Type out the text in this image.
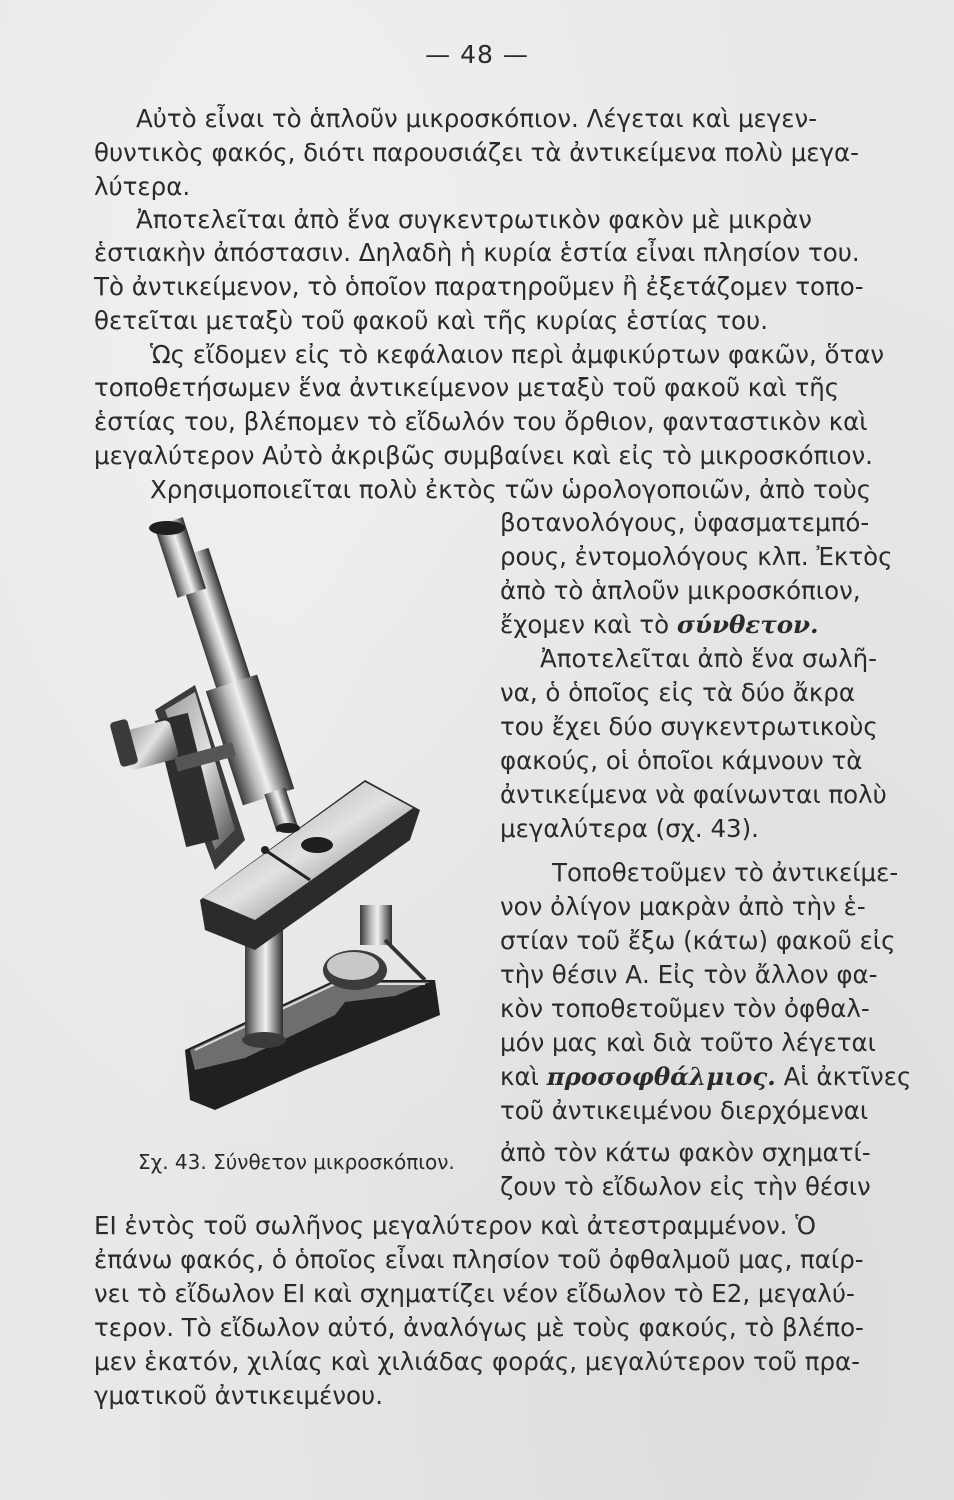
— 48 —
Αὐτὸ εἶναι τὸ ἁπλοῦν μικροσκόπιον. Λέγεται καὶ μεγεν-
θυντικὸς φακός, διότι παρουσιάζει τὰ ἀντικείμενα πολὺ μεγα-
λύτερα.
Ἀποτελεῖται ἀπὸ ἕνα συγκεντρωτικὸν φακὸν μὲ μικρὰν
ἑστιακὴν ἀπόστασιν. Δηλαδὴ ἡ κυρία ἑστία εἶναι πλησίον του.
Τὸ ἀντικείμενον, τὸ ὁποῖον παρατηροῦμεν ἢ ἐξετάζομεν τοπο-
θετεῖται μεταξὺ τοῦ φακοῦ καὶ τῆς κυρίας ἑστίας του.
Ὡς εἴδομεν εἰς τὸ κεφάλαιον περὶ ἀμφικύρτων φακῶν, ὅταν
τοποθετήσωμεν ἕνα ἀντικείμενον μεταξὺ τοῦ φακοῦ καὶ τῆς
ἑστίας του, βλέπομεν τὸ εἴδωλόν του ὄρθιον, φανταστικὸν καὶ
μεγαλύτερον Αὐτὸ ἀκριβῶς συμβαίνει καὶ εἰς τὸ μικροσκόπιον.
Χρησιμοποιεῖται πολὺ ἐκτὸς τῶν ὡρολογοποιῶν, ἀπὸ τοὺς
βοτανολόγους, ὑφασματεμπό-
ρους, ἐντομολόγους κλπ. Ἐκτὸς
ἀπὸ τὸ ἁπλοῦν μικροσκόπιον,
ἔχομεν καὶ τὸ σύνθετον.
Ἀποτελεῖται ἀπὸ ἕνα σωλῆ-
να, ὁ ὁποῖος εἰς τὰ δύο ἄκρα
του ἔχει δύο συγκεντρωτικοὺς
φακούς, οἱ ὁποῖοι κάμνουν τὰ
ἀντικείμενα νὰ φαίνωνται πολὺ
μεγαλύτερα (σχ. 43).
Τοποθετοῦμεν τὸ ἀντικείμε-
νον ὀλίγον μακρὰν ἀπὸ τὴν ἑ-
στίαν τοῦ ἔξω (κάτω) φακοῦ εἰς
τὴν θέσιν Α. Εἰς τὸν ἄλλον φα-
κὸν τοποθετοῦμεν τὸν ὀφθαλ-
μόν μας καὶ διὰ τοῦτο λέγεται
καὶ προσοφθάλμιος. Αἱ ἀκτῖνες
τοῦ ἀντικειμένου διερχόμεναι
ἀπὸ τὸν κάτω φακὸν σχηματί-
ζουν τὸ εἴδωλον εἰς τὴν θέσιν
ΕΙ ἐντὸς τοῦ σωλῆνος μεγαλύτερον καὶ ἀτεστραμμένον. Ὁ
ἐπάνω φακός, ὁ ὁποῖος εἶναι πλησίον τοῦ ὀφθαλμοῦ μας, παίρ-
νει τὸ εἴδωλον ΕΙ καὶ σχηματίζει νέον εἴδωλον τὸ Ε2, μεγαλύ-
τερον. Τὸ εἴδωλον αὐτό, ἀναλόγως μὲ τοὺς φακούς, τὸ βλέπο-
μεν ἑκατόν, χιλίας καὶ χιλιάδας φοράς, μεγαλύτερον τοῦ πρα-
γματικοῦ ἀντικειμένου.
Σχ. 43. Σύνθετον μικροσκόπιον.
